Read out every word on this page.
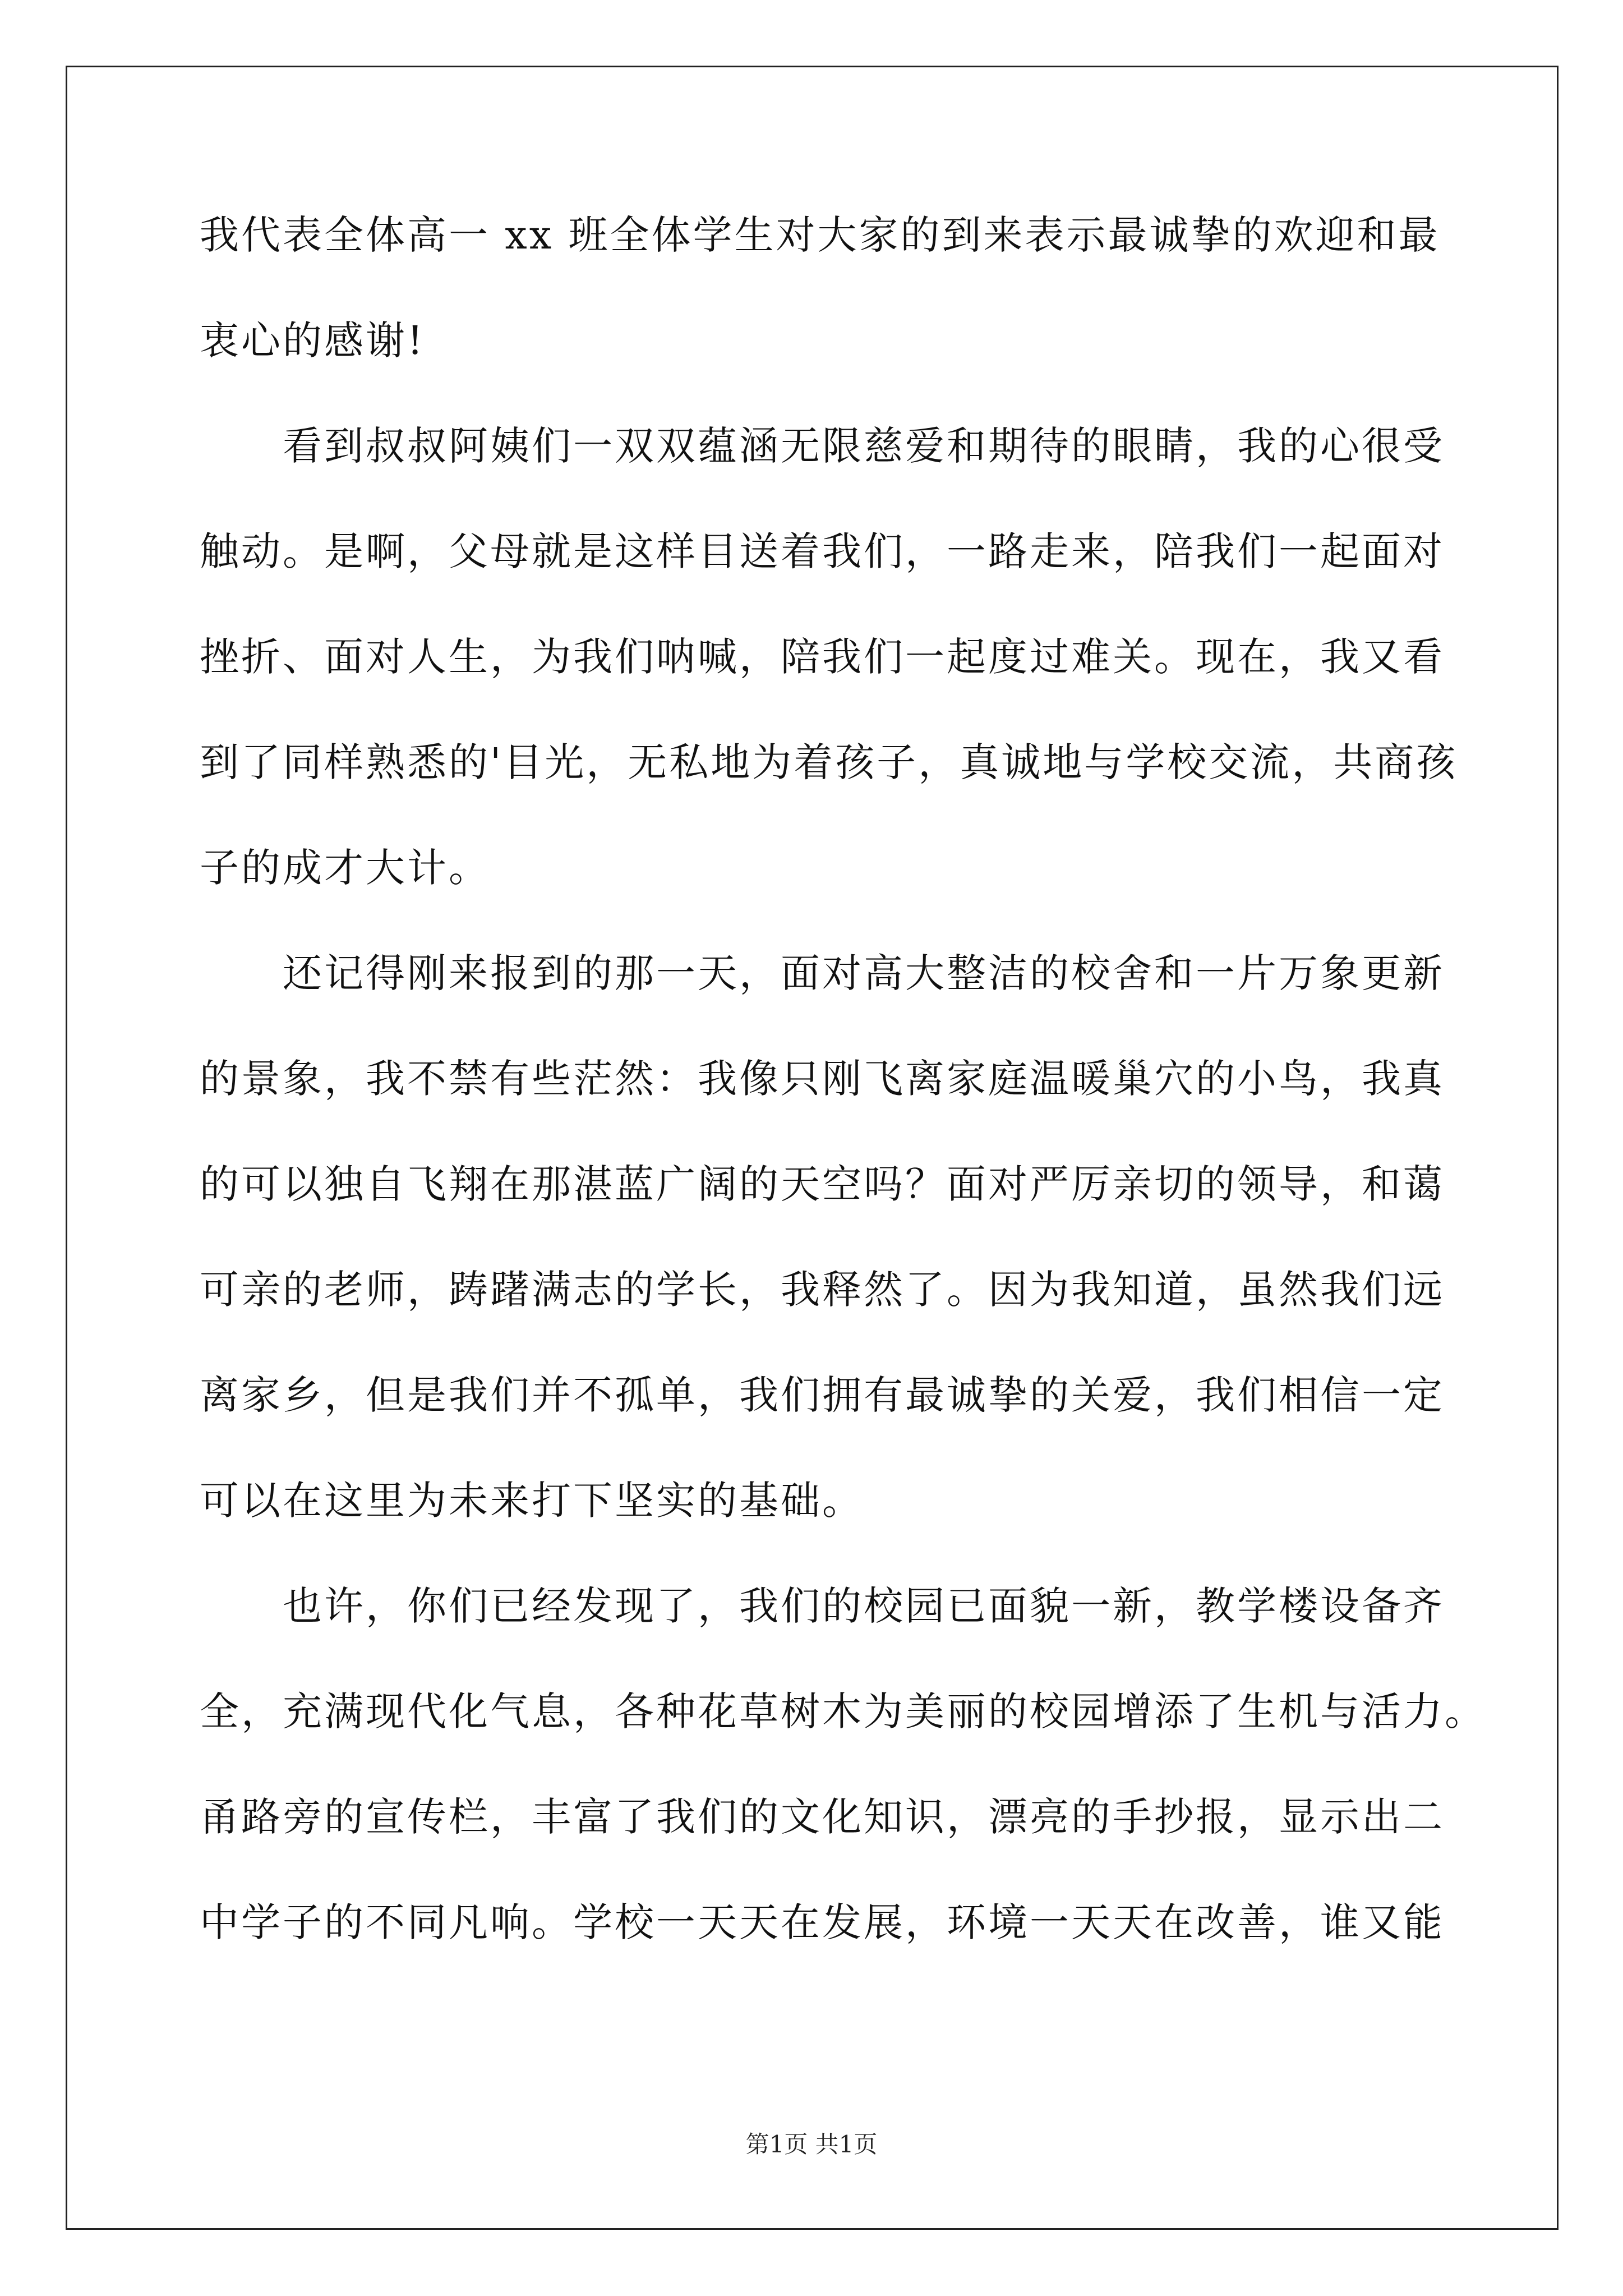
我代表全体高一 xx 班全体学生对大家的到来表示最诚挚的欢迎和最
衷心的感谢!
看到叔叔阿姨们一双双蕴涵无限慈爱和期待的眼睛，我的心很受
触动。是啊，父母就是这样目送着我们，一路走来，陪我们一起面对
挫折、面对人生，为我们呐喊，陪我们一起度过难关。现在，我又看
到了同样熟悉的'目光，无私地为着孩子，真诚地与学校交流，共商孩
子的成才大计。
还记得刚来报到的那一天，面对高大整洁的校舍和一片万象更新
的景象，我不禁有些茫然：我像只刚飞离家庭温暖巢穴的小鸟，我真
的可以独自飞翔在那湛蓝广阔的天空吗？面对严厉亲切的领导，和蔼
可亲的老师，踌躇满志的学长，我释然了。因为我知道，虽然我们远
离家乡，但是我们并不孤单，我们拥有最诚挚的关爱，我们相信一定
可以在这里为未来打下坚实的基础。
也许，你们已经发现了，我们的校园已面貌一新，教学楼设备齐
全，充满现代化气息，各种花草树木为美丽的校园增添了生机与活力。
甬路旁的宣传栏，丰富了我们的文化知识，漂亮的手抄报，显示出二
中学子的不同凡响。学校一天天在发展，环境一天天在改善，谁又能
第1页 共1页
